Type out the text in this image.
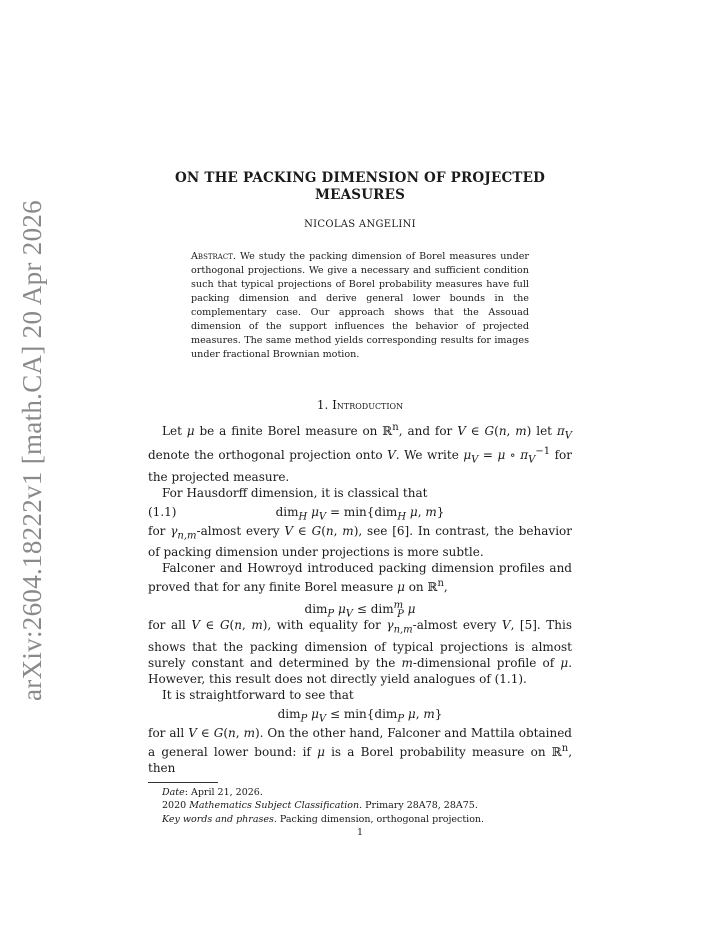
arXiv:2604.18222v1 [math.CA] 20 Apr 2026
ON THE PACKING DIMENSION OF PROJECTED
MEASURES
NICOLAS ANGELINI
Abstract. We study the packing dimension of Borel measures under orthogonal projections. We give a necessary and sufficient condition such that typical projections of Borel probability measures have full packing dimension and derive general lower bounds in the complementary case. Our approach shows that the Assouad dimension of the support influences the behavior of projected measures. The same method yields corresponding results for images under fractional Brownian motion.
1. Introduction

Let μ be a finite Borel measure on ℝ$^n$, and for V ∈ G(n, m) let $\pi_V$ denote the orthogonal projection onto V. We write $\mu_V = \mu$ ∘ $\pi_V^{-1}$ for the projected measure.

For Hausdorff dimension, it is classical that

(1.1)	dim$_H$ $\mu_V = \min\{dim_H$ μ, m}

for $\gamma_{n,m}$-almost every V ∈ G(n, m), see [6]. In contrast, the behavior of packing dimension under projections is more subtle.

Falconer and Howroyd introduced packing dimension profiles and proved that for any finite Borel measure μ on ℝ$^n$,

dim$_P$ $\mu_V \le dim^m_P$ μ

for all V ∈ G(n, m), with equality for $\gamma_{n,m}$-almost every V, [5]. This shows that the packing dimension of typical projections is almost surely constant and determined by the m-dimensional profile of μ. However, this result does not directly yield analogues of (1.1).

It is straightforward to see that

dim$_P$ $\mu_V \le \min\{dim_P$ μ, m}

for all V ∈ G(n, m). On the other hand, Falconer and Mattila obtained a general lower bound: if μ is a Borel probability measure on ℝ$^n$, then

Date: April 21, 2026.
2020 Mathematics Subject Classification. Primary 28A78, 28A75.
Key words and phrases. Packing dimension, orthogonal projection.
1
